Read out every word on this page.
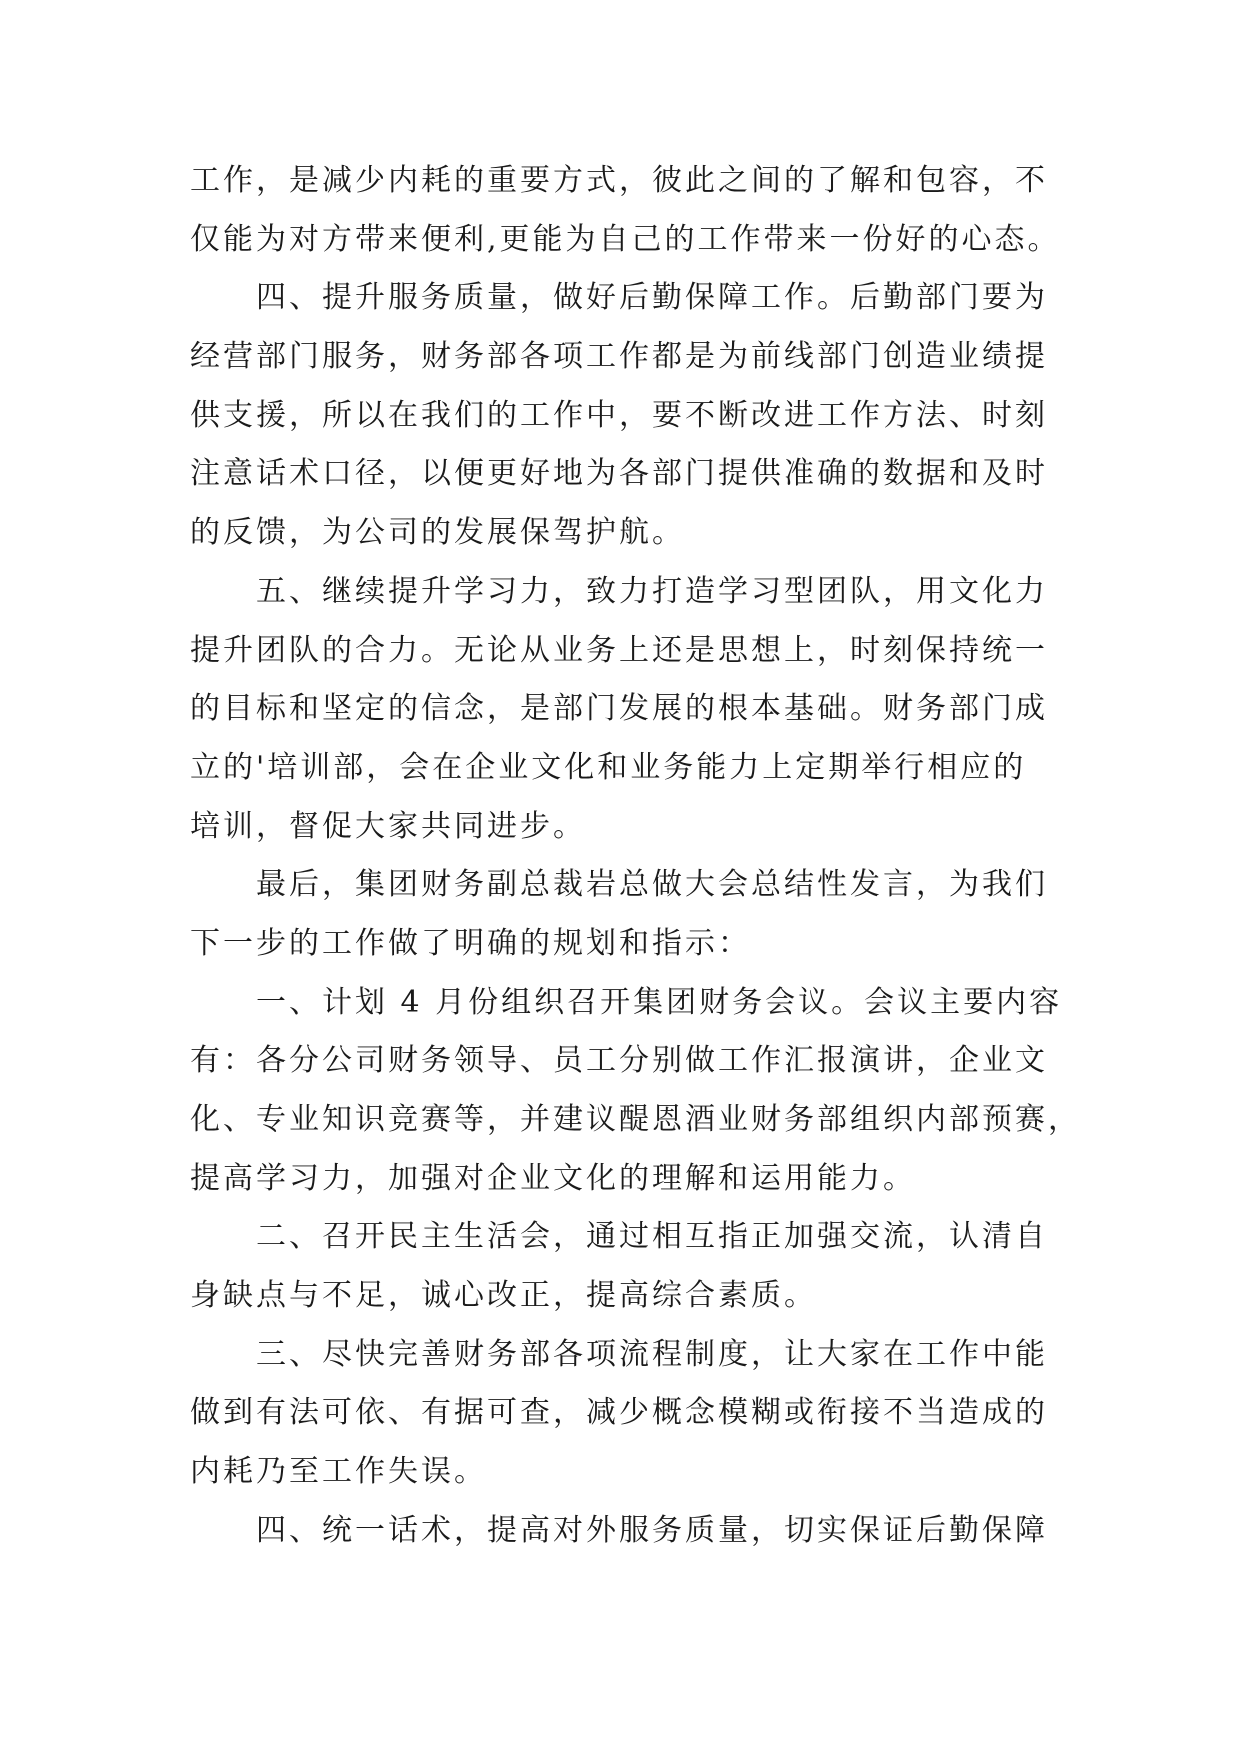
工作，是减少内耗的重要方式，彼此之间的了解和包容，不
仅能为对方带来便利,更能为自己的工作带来一份好的心态。
四、提升服务质量，做好后勤保障工作。后勤部门要为
经营部门服务，财务部各项工作都是为前线部门创造业绩提
供支援，所以在我们的工作中，要不断改进工作方法、时刻
注意话术口径，以便更好地为各部门提供准确的数据和及时
的反馈，为公司的发展保驾护航。
五、继续提升学习力，致力打造学习型团队，用文化力
提升团队的合力。无论从业务上还是思想上，时刻保持统一
的目标和坚定的信念，是部门发展的根本基础。财务部门成
立的'培训部，会在企业文化和业务能力上定期举行相应的
培训，督促大家共同进步。
最后，集团财务副总裁岩总做大会总结性发言，为我们
下一步的工作做了明确的规划和指示：
一、计划 4 月份组织召开集团财务会议。会议主要内容
有：各分公司财务领导、员工分别做工作汇报演讲，企业文
化、专业知识竞赛等，并建议醍恩酒业财务部组织内部预赛，
提高学习力，加强对企业文化的理解和运用能力。
二、召开民主生活会，通过相互指正加强交流，认清自
身缺点与不足，诚心改正，提高综合素质。
三、尽快完善财务部各项流程制度，让大家在工作中能
做到有法可依、有据可查，减少概念模糊或衔接不当造成的
内耗乃至工作失误。
四、统一话术，提高对外服务质量，切实保证后勤保障
